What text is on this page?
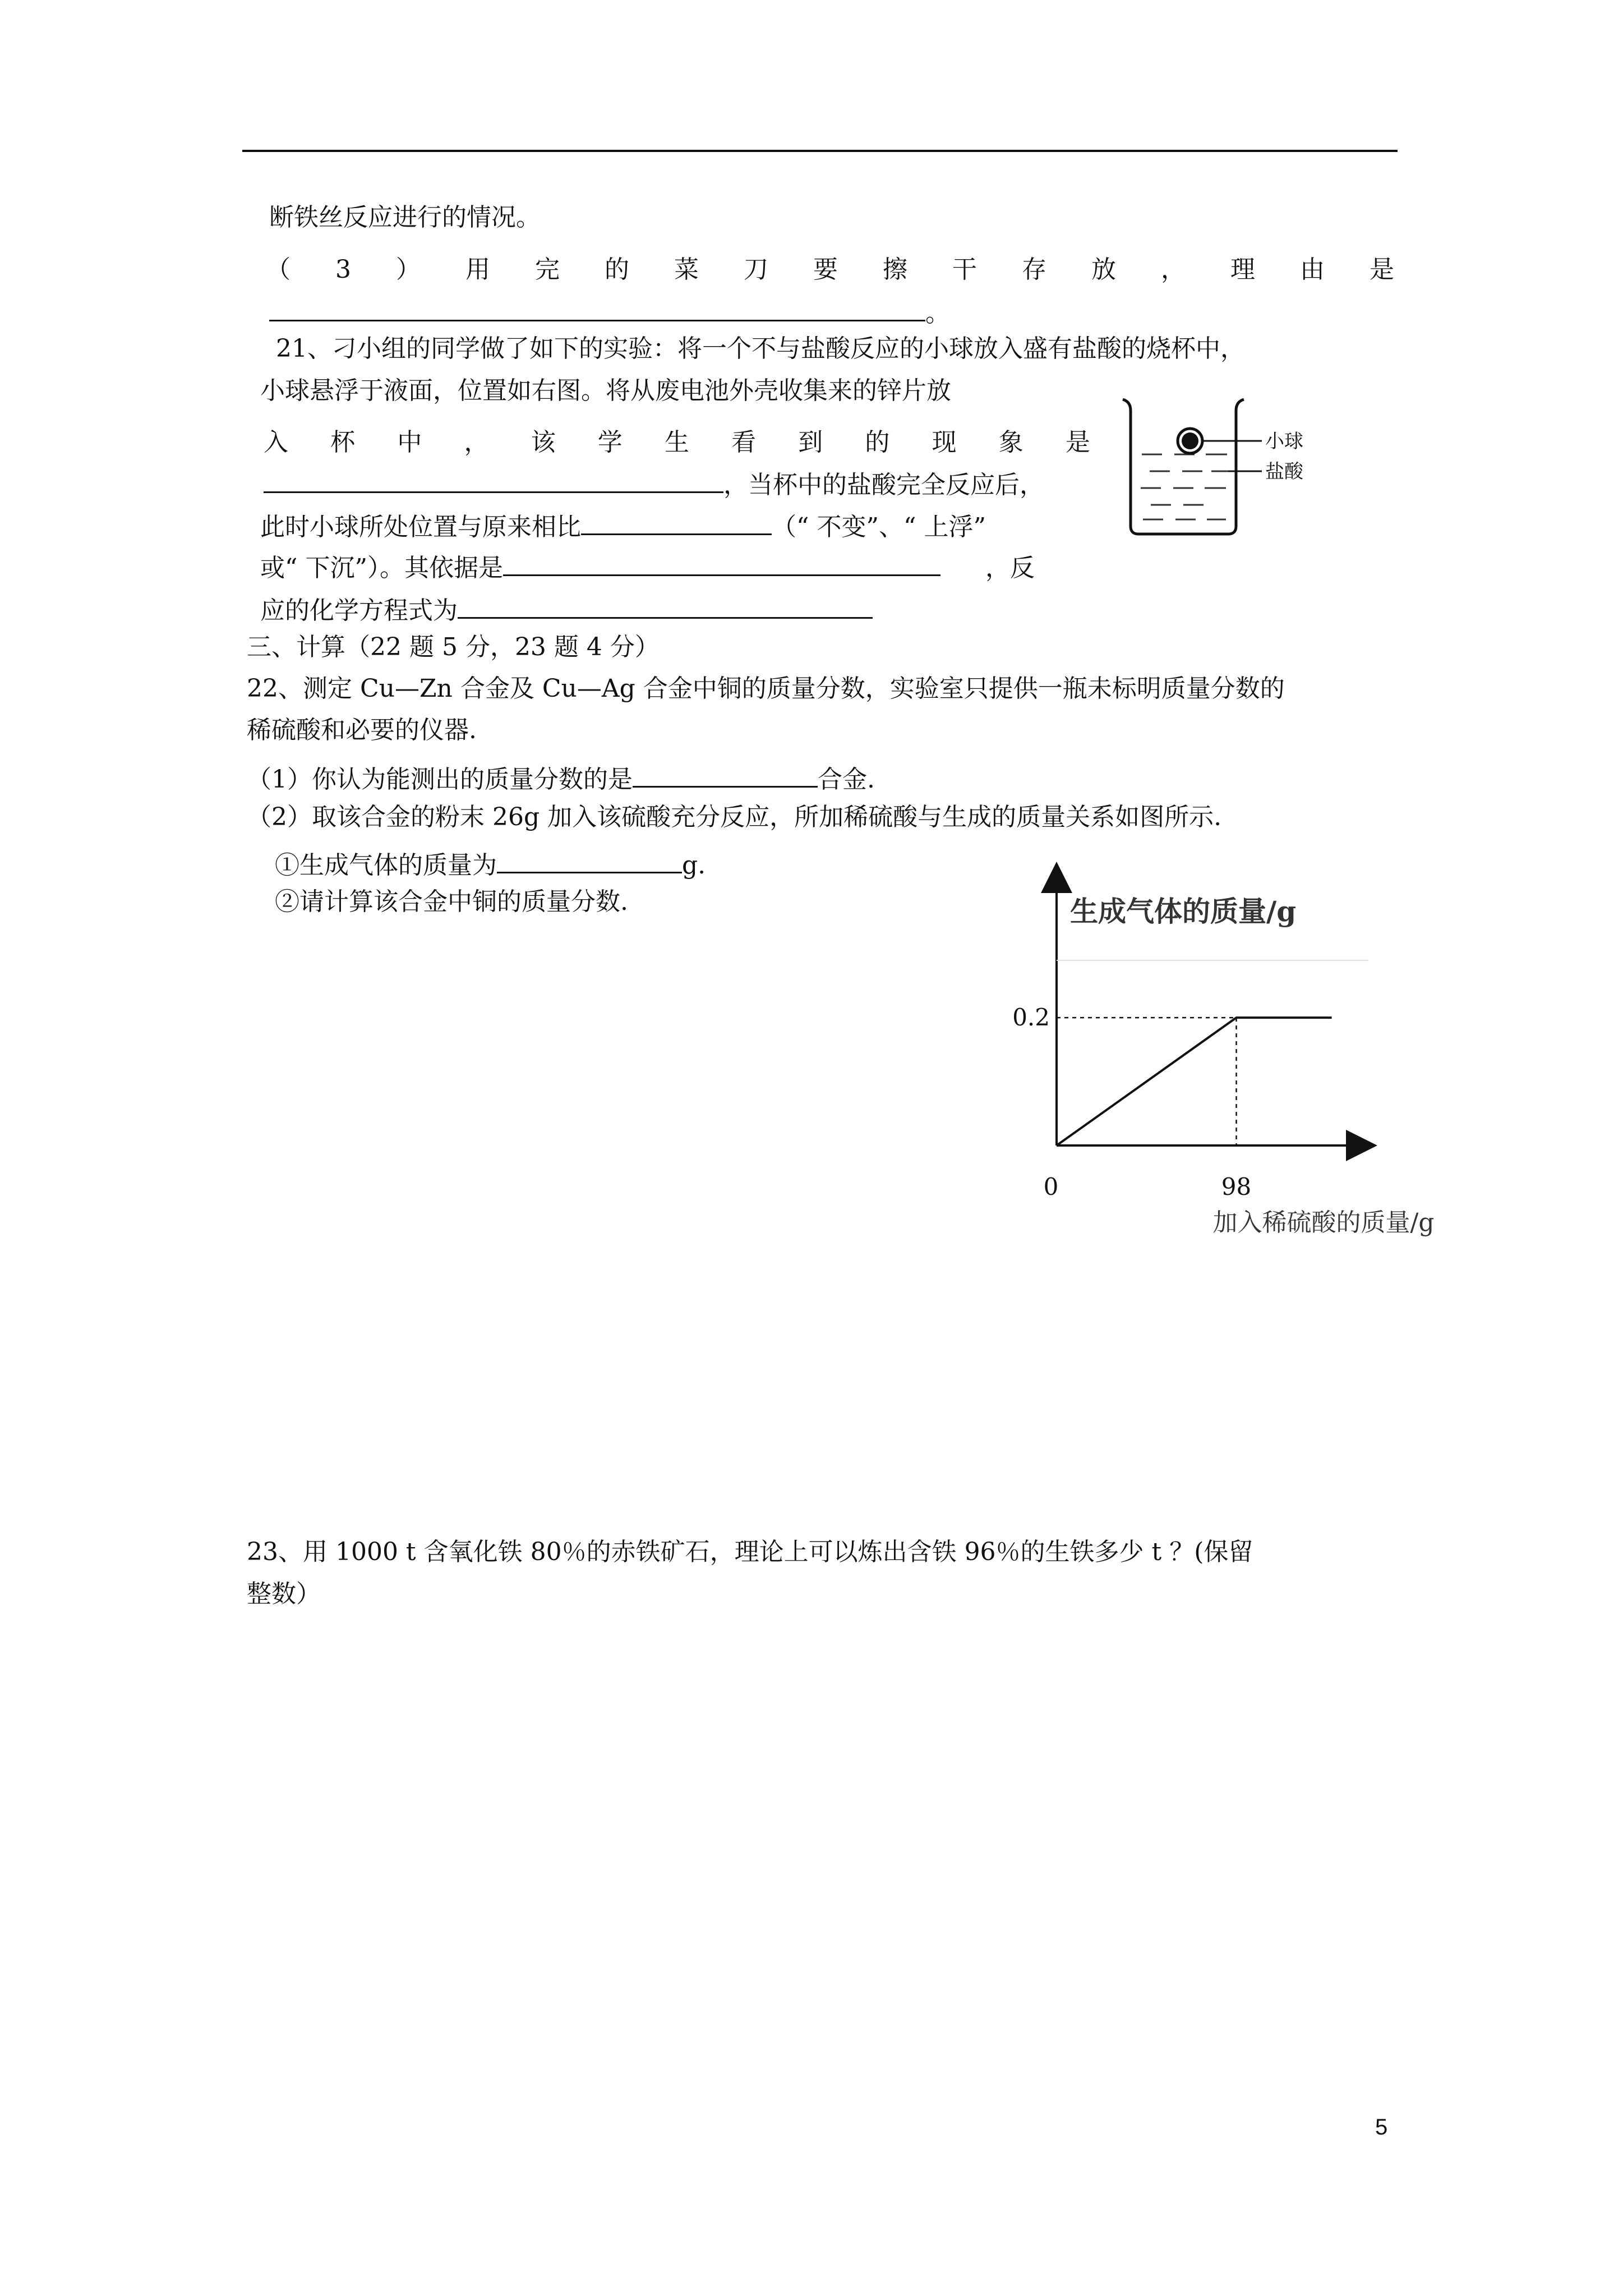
断铁丝反应进行的情况。
（ 3 ） 用 完 的 菜 刀 要 擦 干 存 放 ， 理 由 是
。
21、刁小组的同学做了如下的实验：将一个不与盐酸反应的小球放入盛有盐酸的烧杯中，
小球悬浮于液面，位置如右图。将从废电池外壳收集来的锌片放
入 杯 中 ， 该 学 生 看 到 的 现 象 是
，当杯中的盐酸完全反应后，
此时小球所处位置与原来相比	（“ 不变”、“ 上浮”
或“ 下沉”）。其依据是	，反
应的化学方程式为
小球
盐酸
三、计算（22 题 5 分，23 题 4 分）
22、测定 Cu—Zn 合金及 Cu—Ag 合金中铜的质量分数，实验室只提供一瓶未标明质量分数的
稀硫酸和必要的仪器.
（1）你认为能测出的质量分数的是	合金.
（2）取该合金的粉末 26g 加入该硫酸充分反应，所加稀硫酸与生成的质量关系如图所示.
①生成气体的质量为	g.
②请计算该合金中铜的质量分数.	生成气体的质量/g
98
0.2
0
加入稀硫酸的质量/g
23、用 1000 t 含氧化铁 80％的赤铁矿石，理论上可以炼出含铁 96％的生铁多少 t ？(保留
整数）
5
